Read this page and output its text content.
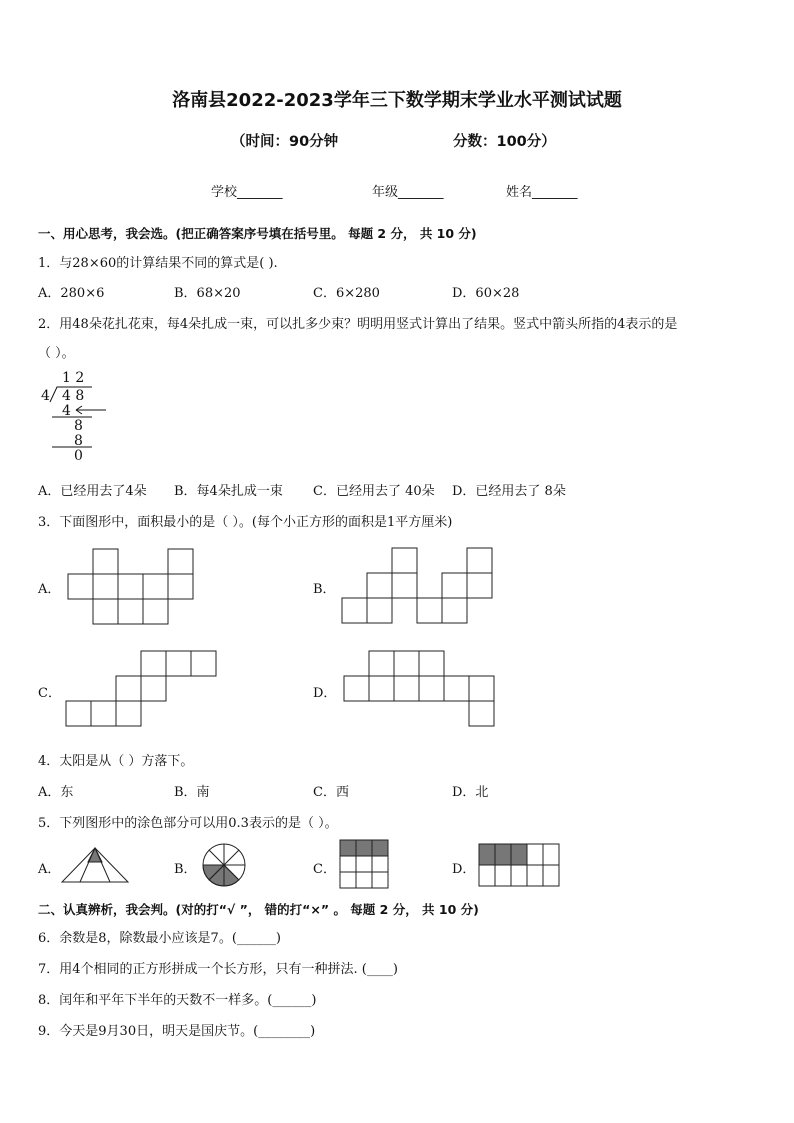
洛南县2022-2023学年三下数学期末学业水平测试试题
（时间：90分钟	分数：100分）
学校_______	年级_______	姓名_______
一、用心思考，我会选。(把正确答案序号填在括号里。 每题 2 分， 共 10 分)
1．与28×60的计算结果不同的算式是( ).
A．280×6	B．68×20	C．6×280	D．60×28
2．用48朵花扎花束，每4朵扎成一束，可以扎多少束？明明用竖式计算出了结果。竖式中箭头所指的4表示的是
（ ）。
1 2
4 4 8
4
8
8
0
A．已经用去了4朵 B．每4朵扎成一束 C．已经用去了 40朵 D．已经用去了 8朵
3．下面图形中，面积最小的是（ ）。(每个小正方形的面积是1平方厘米)
A．	B．
C．	D．
4．太阳是从（ ）方落下。
A．东	B．南	C．西	D．北
5．下列图形中的涂色部分可以用0.3表示的是（ ）。
A．	B．	C．	D．
二、认真辨析，我会判。(对的打“√ ”， 错的打“×” 。 每题 2 分， 共 10 分)
6．余数是8，除数最小应该是7。(______)
7．用4个相同的正方形拼成一个长方形，只有一种拼法. (____)
8．闰年和平年下半年的天数不一样多。(______)
9．今天是9月30日，明天是国庆节。(________)
